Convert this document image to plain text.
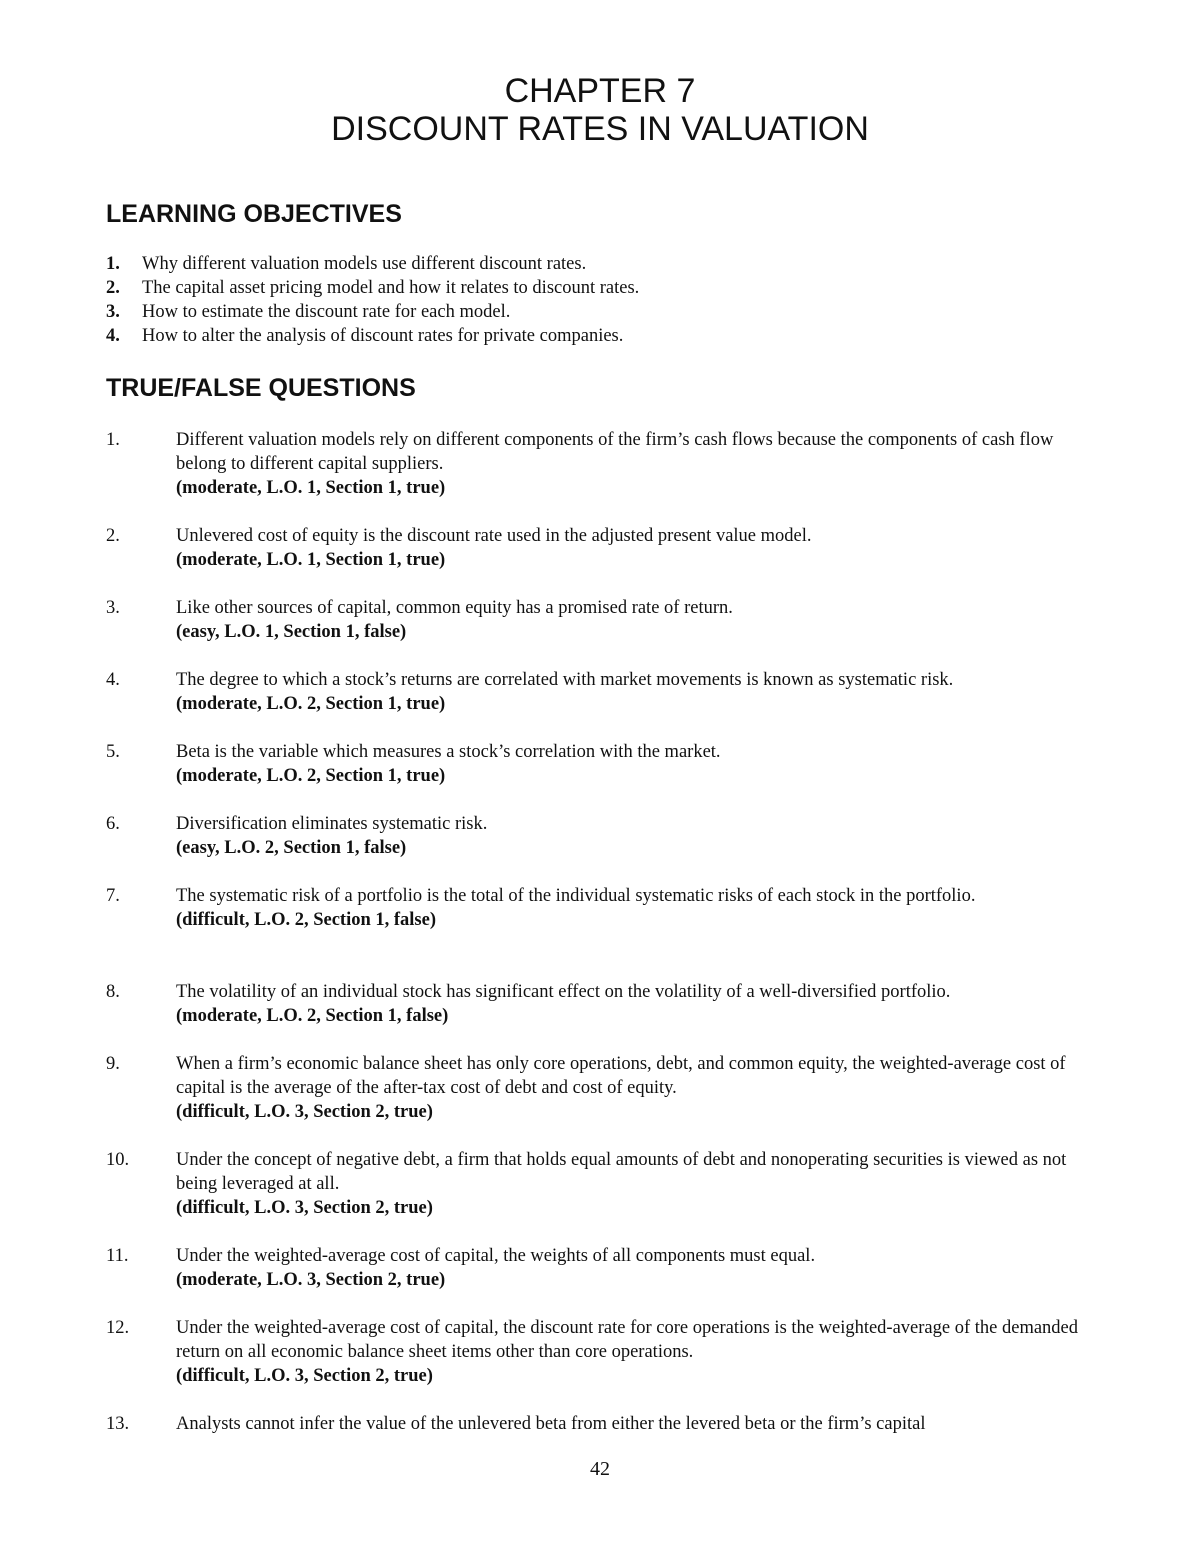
CHAPTER 7
DISCOUNT RATES IN VALUATION
LEARNING OBJECTIVES
1. Why different valuation models use different discount rates.
2. The capital asset pricing model and how it relates to discount rates.
3. How to estimate the discount rate for each model.
4. How to alter the analysis of discount rates for private companies.
TRUE/FALSE QUESTIONS
1.	Different valuation models rely on different components of the firm’s cash flows because the components of cash flow belong to different capital suppliers.
(moderate, L.O. 1, Section 1, true)
2.	Unlevered cost of equity is the discount rate used in the adjusted present value model.
(moderate, L.O. 1, Section 1, true)
3.	Like other sources of capital, common equity has a promised rate of return.
(easy, L.O. 1, Section 1, false)
4.	The degree to which a stock’s returns are correlated with market movements is known as systematic risk.
(moderate, L.O. 2, Section 1, true)
5.	Beta is the variable which measures a stock’s correlation with the market.
(moderate, L.O. 2, Section 1, true)
6.	Diversification eliminates systematic risk.
(easy, L.O. 2, Section 1, false)
7.	The systematic risk of a portfolio is the total of the individual systematic risks of each stock in the portfolio.
(difficult, L.O. 2, Section 1, false)
8.	The volatility of an individual stock has significant effect on the volatility of a well-diversified portfolio.
(moderate, L.O. 2, Section 1, false)
9.	When a firm’s economic balance sheet has only core operations, debt, and common equity, the weighted-average cost of capital is the average of the after-tax cost of debt and cost of equity.
(difficult, L.O. 3, Section 2, true)
10.	Under the concept of negative debt, a firm that holds equal amounts of debt and nonoperating securities is viewed as not being leveraged at all.
(difficult, L.O. 3, Section 2, true)
11.	Under the weighted-average cost of capital, the weights of all components must equal.
(moderate, L.O. 3, Section 2, true)
12.	Under the weighted-average cost of capital, the discount rate for core operations is the weighted-average of the demanded return on all economic balance sheet items other than core operations.
(difficult, L.O. 3, Section 2, true)
13.	Analysts cannot infer the value of the unlevered beta from either the levered beta or the firm’s capital
42
